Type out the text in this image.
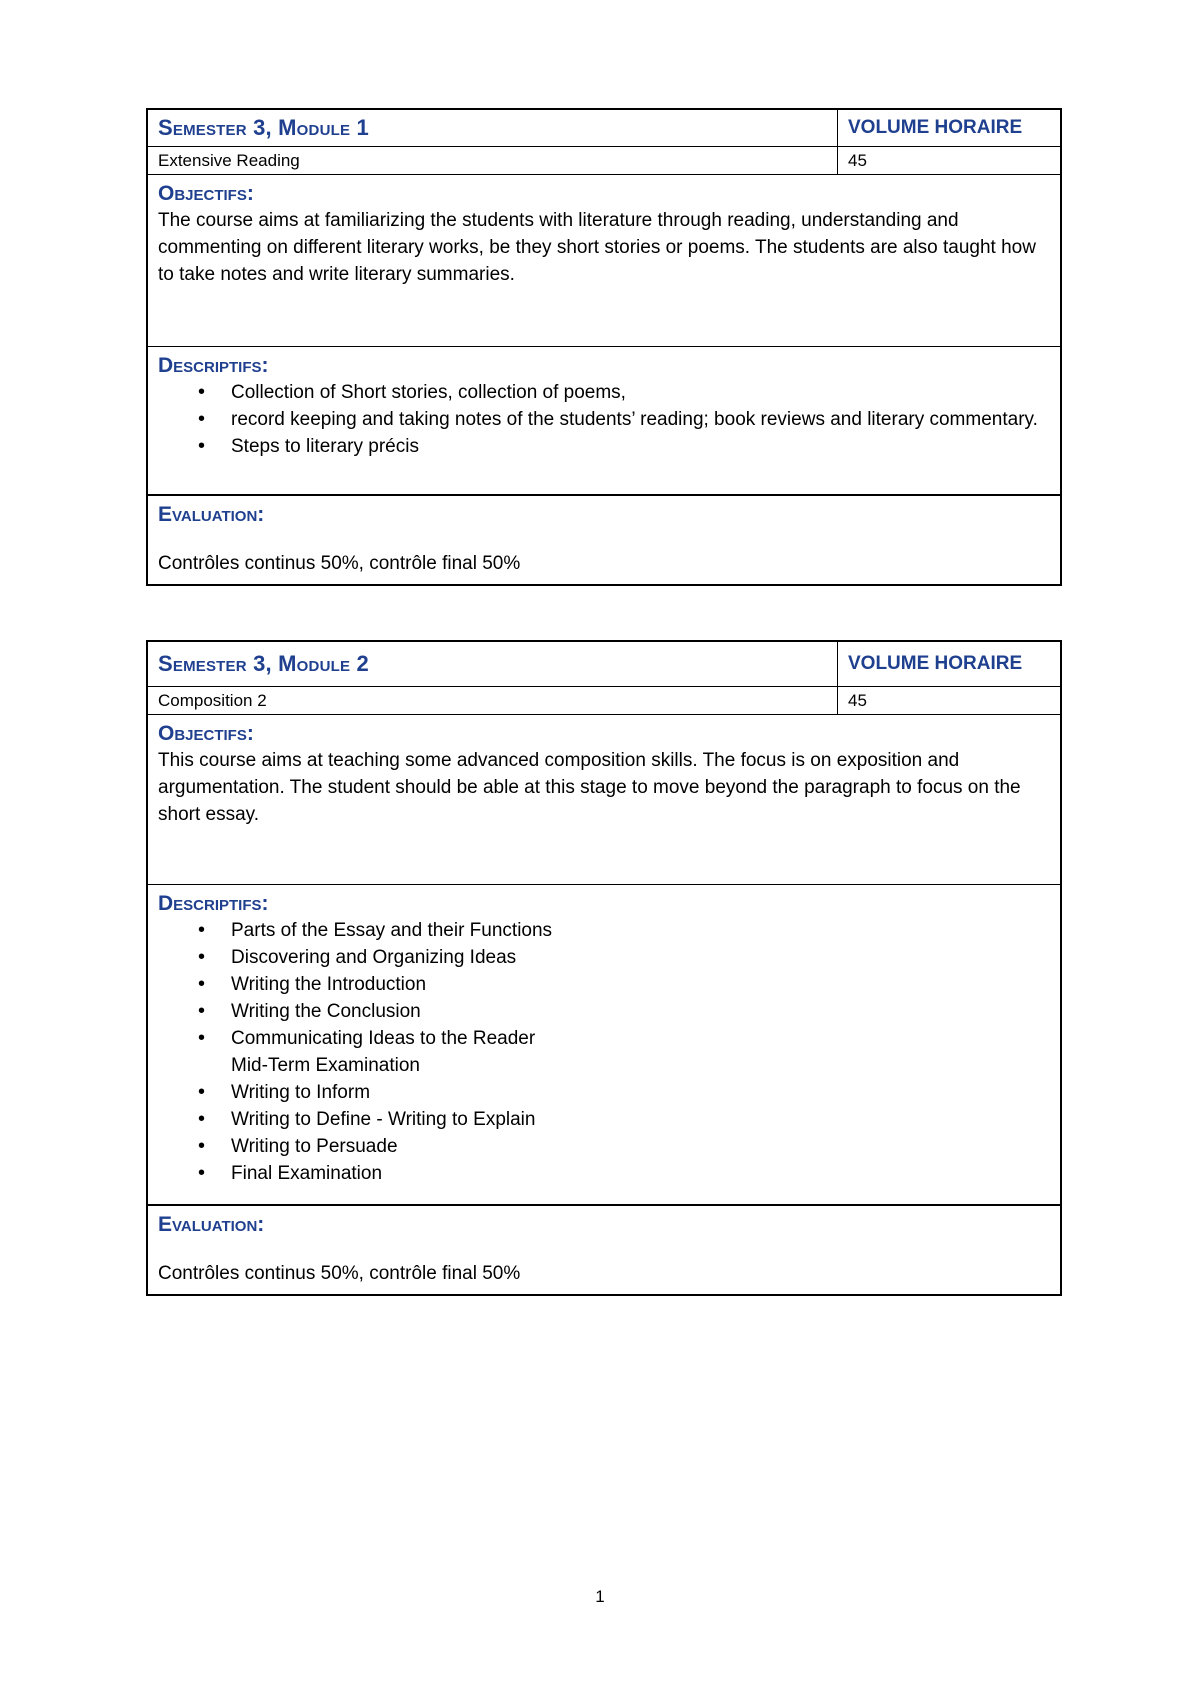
Semester 3, Module 1	VOLUME HORAIRE
Extensive Reading	45
Objectifs:
The course aims at familiarizing the students with literature through reading, understanding and commenting on different literary works, be they short stories or poems. The students are also taught how to take notes and write literary summaries.
Descriptifs:
• Collection of Short stories, collection of poems,
• record keeping and taking notes of the students’ reading; book reviews and literary commentary.
• Steps to literary précis
Evaluation:
Contrôles continus 50%, contrôle final 50%
Semester 3, Module 2	VOLUME HORAIRE
Composition 2	45
Objectifs:
This course aims at teaching some advanced composition skills. The focus is on exposition and argumentation. The student should be able at this stage to move beyond the paragraph to focus on the short essay.
Descriptifs:
• Parts of the Essay and their Functions
• Discovering and Organizing Ideas
• Writing the Introduction
• Writing the Conclusion
• Communicating Ideas to the Reader
Mid-Term Examination
• Writing to Inform
• Writing to Define - Writing to Explain
• Writing to Persuade
• Final Examination
Evaluation:
Contrôles continus 50%, contrôle final 50%
1
